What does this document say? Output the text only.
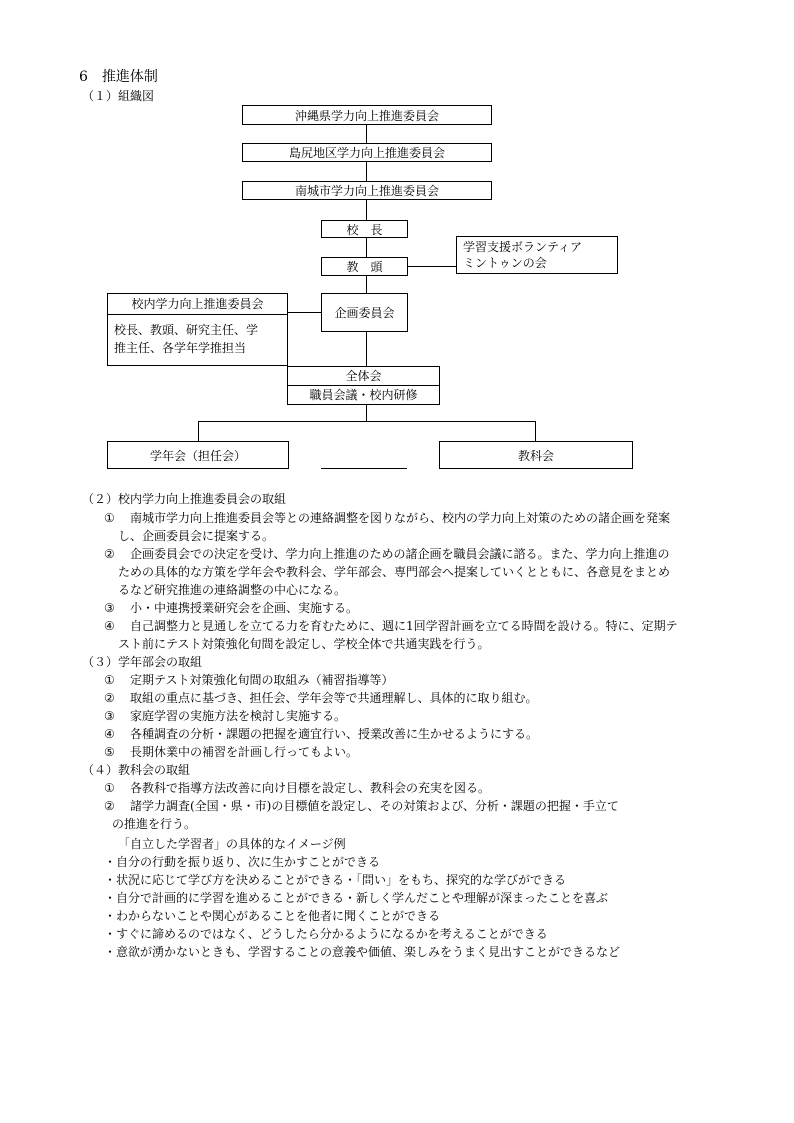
6　推進体制
（１）組織図
沖縄県学力向上推進委員会
島尻地区学力向上推進委員会
南城市学力向上推進委員会
校　長
教　頭
学習支援ボランティア
ミントゥンの会
校内学力向上推進委員会
校長、教頭、研究主任、学
推主任、各学年学推担当
企画委員会
全体会
職員会議・校内研修
学年会（担任会）	教科会
（２）校内学力向上推進委員会の取組
① 　南城市学力向上推進委員会等との連絡調整を図りながら、校内の学力向上対策のための諸企画を発案
し、企画委員会に提案する。
② 　企画委員会での決定を受け、学力向上推進のための諸企画を職員会議に諮る。また、学力向上推進の
ための具体的な方策を学年会や教科会、学年部会、専門部会へ提案していくとともに、各意見をまとめ
るなど研究推進の連絡調整の中心になる。
③ 　小・中連携授業研究会を企画、実施する。
④ 　自己調整力と見通しを立てる力を育むために、週に1回学習計画を立てる時間を設ける。特に、定期テ
スト前にテスト対策強化旬間を設定し、学校全体で共通実践を行う。
（３）学年部会の取組
① 　定期テスト対策強化旬間の取組み（補習指導等）
② 　取組の重点に基づき、担任会、学年会等で共通理解し、具体的に取り組む。
③ 　家庭学習の実施方法を検討し実施する。
④ 　各種調査の分析・課題の把握を適宜行い、授業改善に生かせるようにする。
⑤ 　長期休業中の補習を計画し行ってもよい。
（４）教科会の取組
① 　各教科で指導方法改善に向け目標を設定し、教科会の充実を図る。
② 　諸学力調査(全国・県・市)の目標値を設定し、その対策および、分析・課題の把握・手立て
の推進を行う。
「自立した学習者」の具体的なイメージ例
・自分の行動を振り返り、次に生かすことができる
・状況に応じて学び方を決めることができる・「問い」をもち、探究的な学びができる
・自分で計画的に学習を進めることができる・新しく学んだことや理解が深まったことを喜ぶ
・わからないことや関心があることを他者に聞くことができる
・すぐに諦めるのではなく、どうしたら分かるようになるかを考えることができる
・意欲が湧かないときも、学習することの意義や価値、楽しみをうまく見出すことができるなど
